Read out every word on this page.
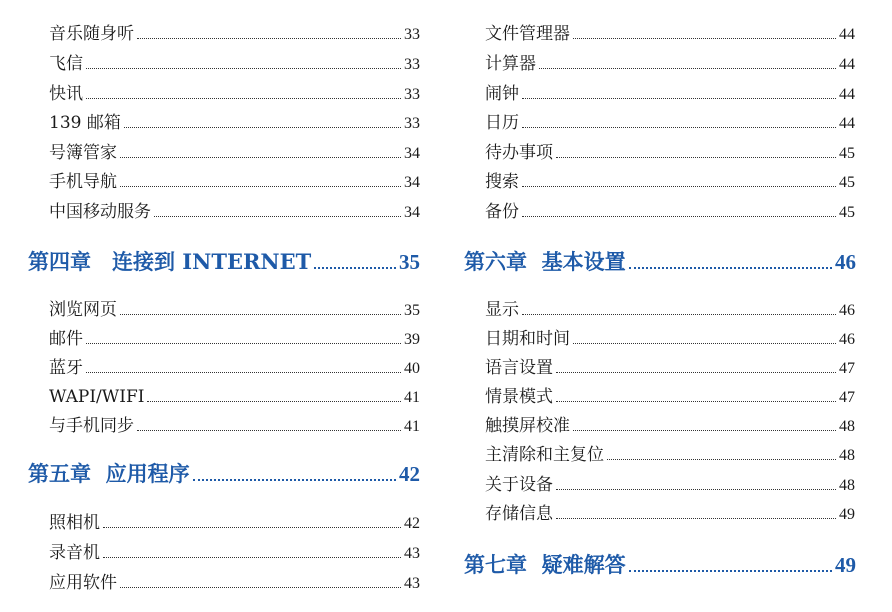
音乐随身听	33
飞信	33
快讯	33
139 邮箱	33
号簿管家	34
手机导航	34
中国移动服务	34
第四章　连接到 INTERNET	35
浏览网页	35
邮件	39
蓝牙	40
WAPI/WIFI	41
与手机同步	41
第五章  应用程序	42
照相机	42
录音机	43
应用软件	43
文件管理器	44
计算器	44
闹钟	44
日历	44
待办事项	45
搜索	45
备份	45
第六章  基本设置	46
显示	46
日期和时间	46
语言设置	47
情景模式	47
触摸屏校准	48
主清除和主复位	48
关于设备	48
存储信息	49
第七章  疑难解答	49
